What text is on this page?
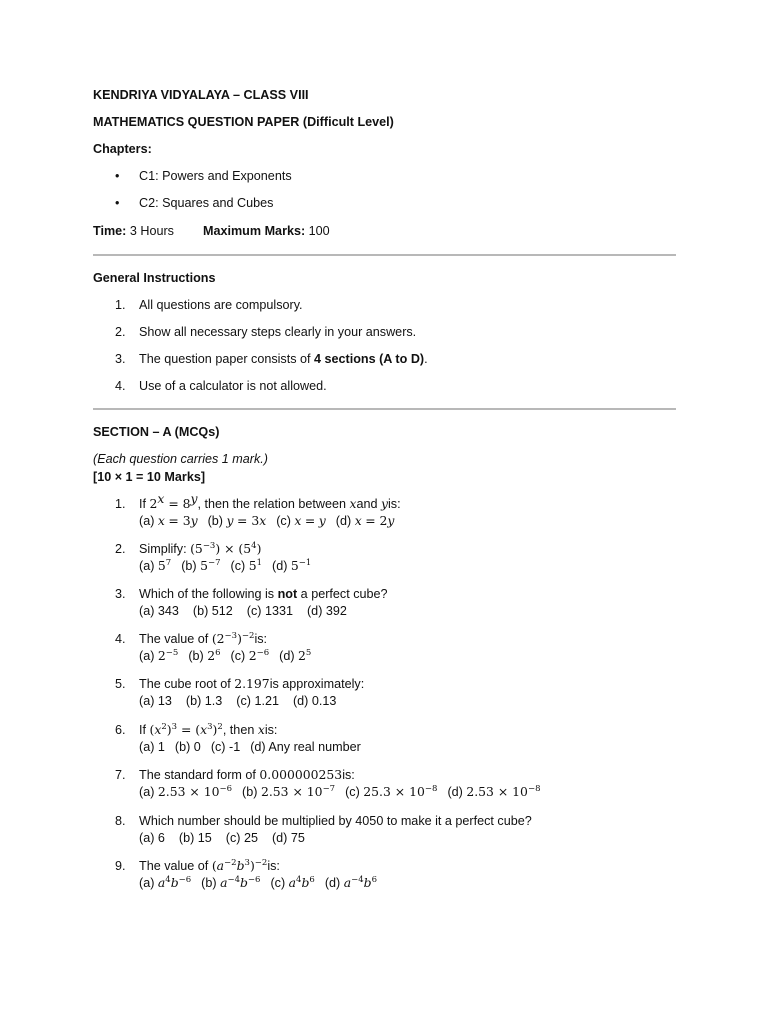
KENDRIYA VIDYALAYA – CLASS VIII
MATHEMATICS QUESTION PAPER (Difficult Level)
Chapters:
• C1: Powers and Exponents
• C2: Squares and Cubes
Time: 3 Hours Maximum Marks: 100
General Instructions
1. All questions are compulsory.
2. Show all necessary steps clearly in your answers.
3. The question paper consists of 4 sections (A to D).
4. Use of a calculator is not allowed.
SECTION – A (MCQs)
(Each question carries 1 mark.)
[10 × 1 = 10 Marks]
1. If $2^x = 8^y$, then the relation between xand yis:
(a) x = 3y (b) y = 3x (c) x = y (d) x = 2y
2. Simplify: $(5^{-3}) \times (5^4)$
(a) $5^7$ (b) $5^{-7}$ (c) $5^1$ (d) $5^{-1}$
3. Which of the following is not a perfect cube?
(a) 343    (b) 512    (c) 1331    (d) 392
4. The value of $(2^{-3})^{-2}is$:
(a) $2^{-5}$ (b) $2^6$ (c) $2^{-6}$ (d) $2^5$
5. The cube root of 2.197is approximately:
(a) 13    (b) 1.3    (c) 1.21    (d) 0.13
6. If $(x^2)^3 = (x^3)^2$, then xis:
(a) 1 (b) 0 (c) -1 (d) Any real number
7. The standard form of 0.000000253is:
(a) $2.53 \times 10^{-6}$ (b) $2.53 \times 10^{-7}$ (c) $25.3 \times 10^{-8}$ (d) $2.53 \times 10^{-8}$
8. Which number should be multiplied by 4050 to make it a perfect cube?
(a) 6    (b) 15    (c) 25    (d) 75
9. The value of $(a^{-2}b^3)^{-2}is$:
(a) $a^4b^{-6}$ (b) $a^{-4}b^{-6}$ (c) $a^4b^6$ (d) $a^{-4}b^6$
